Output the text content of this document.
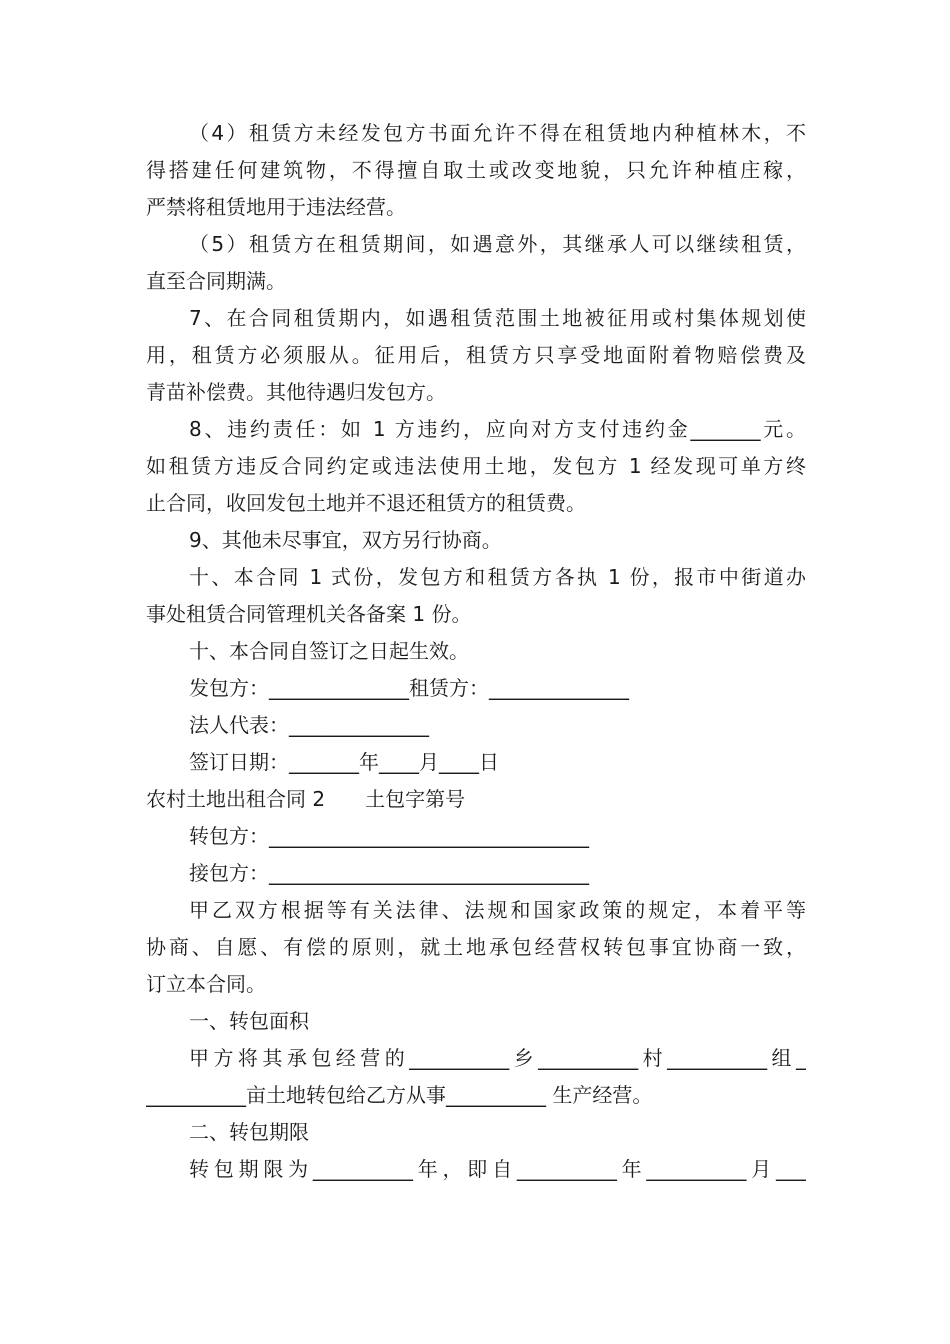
（4）租赁方未经发包方书面允许不得在租赁地内种植林木，不
得搭建任何建筑物，不得擅自取土或改变地貌，只允许种植庄稼，
严禁将租赁地用于违法经营。
（5）租赁方在租赁期间，如遇意外，其继承人可以继续租赁，
直至合同期满。
7、在合同租赁期内，如遇租赁范围土地被征用或村集体规划使
用，租赁方必须服从。征用后，租赁方只享受地面附着物赔偿费及
青苗补偿费。其他待遇归发包方。
8、违约责任：如 1 方违约，应向对方支付违约金_______元。
如租赁方违反合同约定或违法使用土地，发包方 1 经发现可单方终
止合同，收回发包土地并不退还租赁方的租赁费。
9、其他未尽事宜，双方另行协商。
十、本合同 1 式份，发包方和租赁方各执 1 份，报市中街道办
事处租赁合同管理机关各备案 1 份。
十、本合同自签订之日起生效。
发包方：______________租赁方：______________
法人代表：______________
签订日期：_______年____月____日
农村土地出租合同 2　　土包字第号
转包方：________________________________
接包方：________________________________
甲乙双方根据等有关法律、法规和国家政策的规定，本着平等
协商、自愿、有偿的原则，就土地承包经营权转包事宜协商一致，
订立本合同。
一、转包面积
甲方将其承包经营的__________乡__________村__________组_
__________亩土地转包给乙方从事__________ 生产经营。
二、转包期限
转包期限为__________年，即自__________年__________月___
